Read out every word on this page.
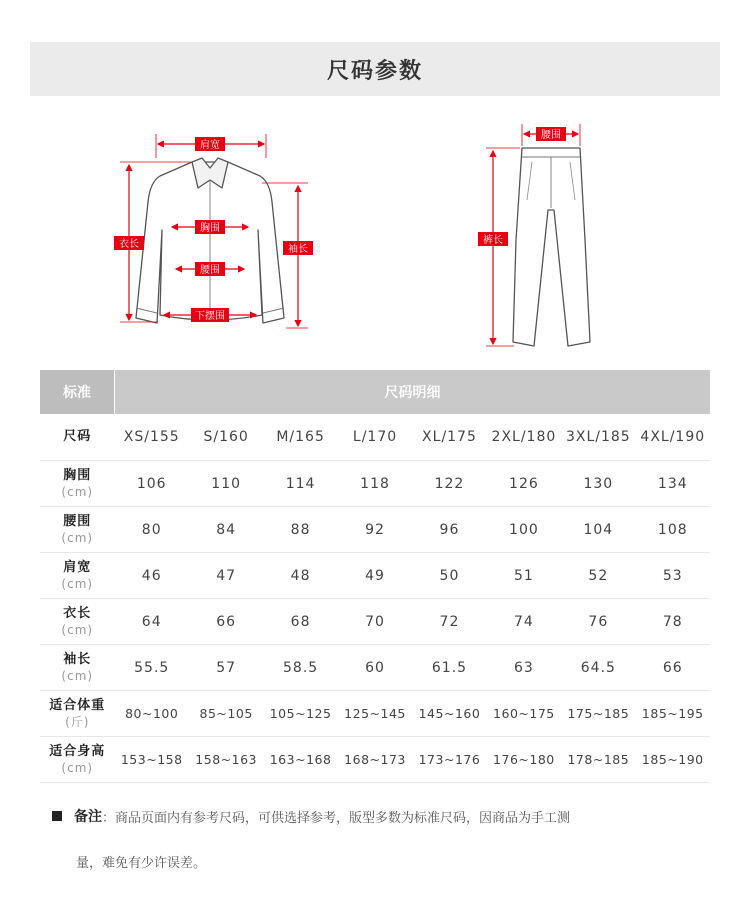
尺码参数
肩宽
胸围
腰围
下摆围
衣长	袖长
腰围
裤长
标准	尺码明细							

尺码	XS/155	S/160	M/165	L/170	XL/175	2XL/180	3XL/185	4XL/190

胸围
(cm)	106	110	114	118	122	126	130	134

腰围
(cm)	80	84	88	92	96	100	104	108

肩宽
(cm)	46	47	48	49	50	51	52	53

衣长
(cm)	64	66	68	70	72	74	76	78

袖长
(cm)	55.5	57	58.5	60	61.5	63	64.5	66

适合体重
(斤)	80~100	85~105	105~125	125~145	145~160	160~175	175~185	185~195

适合身高
(cm)	153~158	158~163	163~168	168~173	173~176	176~180	178~185	185~190
备注 ：商品页面内有参考尺码，可供选择参考，版型多数为标准尺码，因商品为手工测
量，难免有少许误差。
